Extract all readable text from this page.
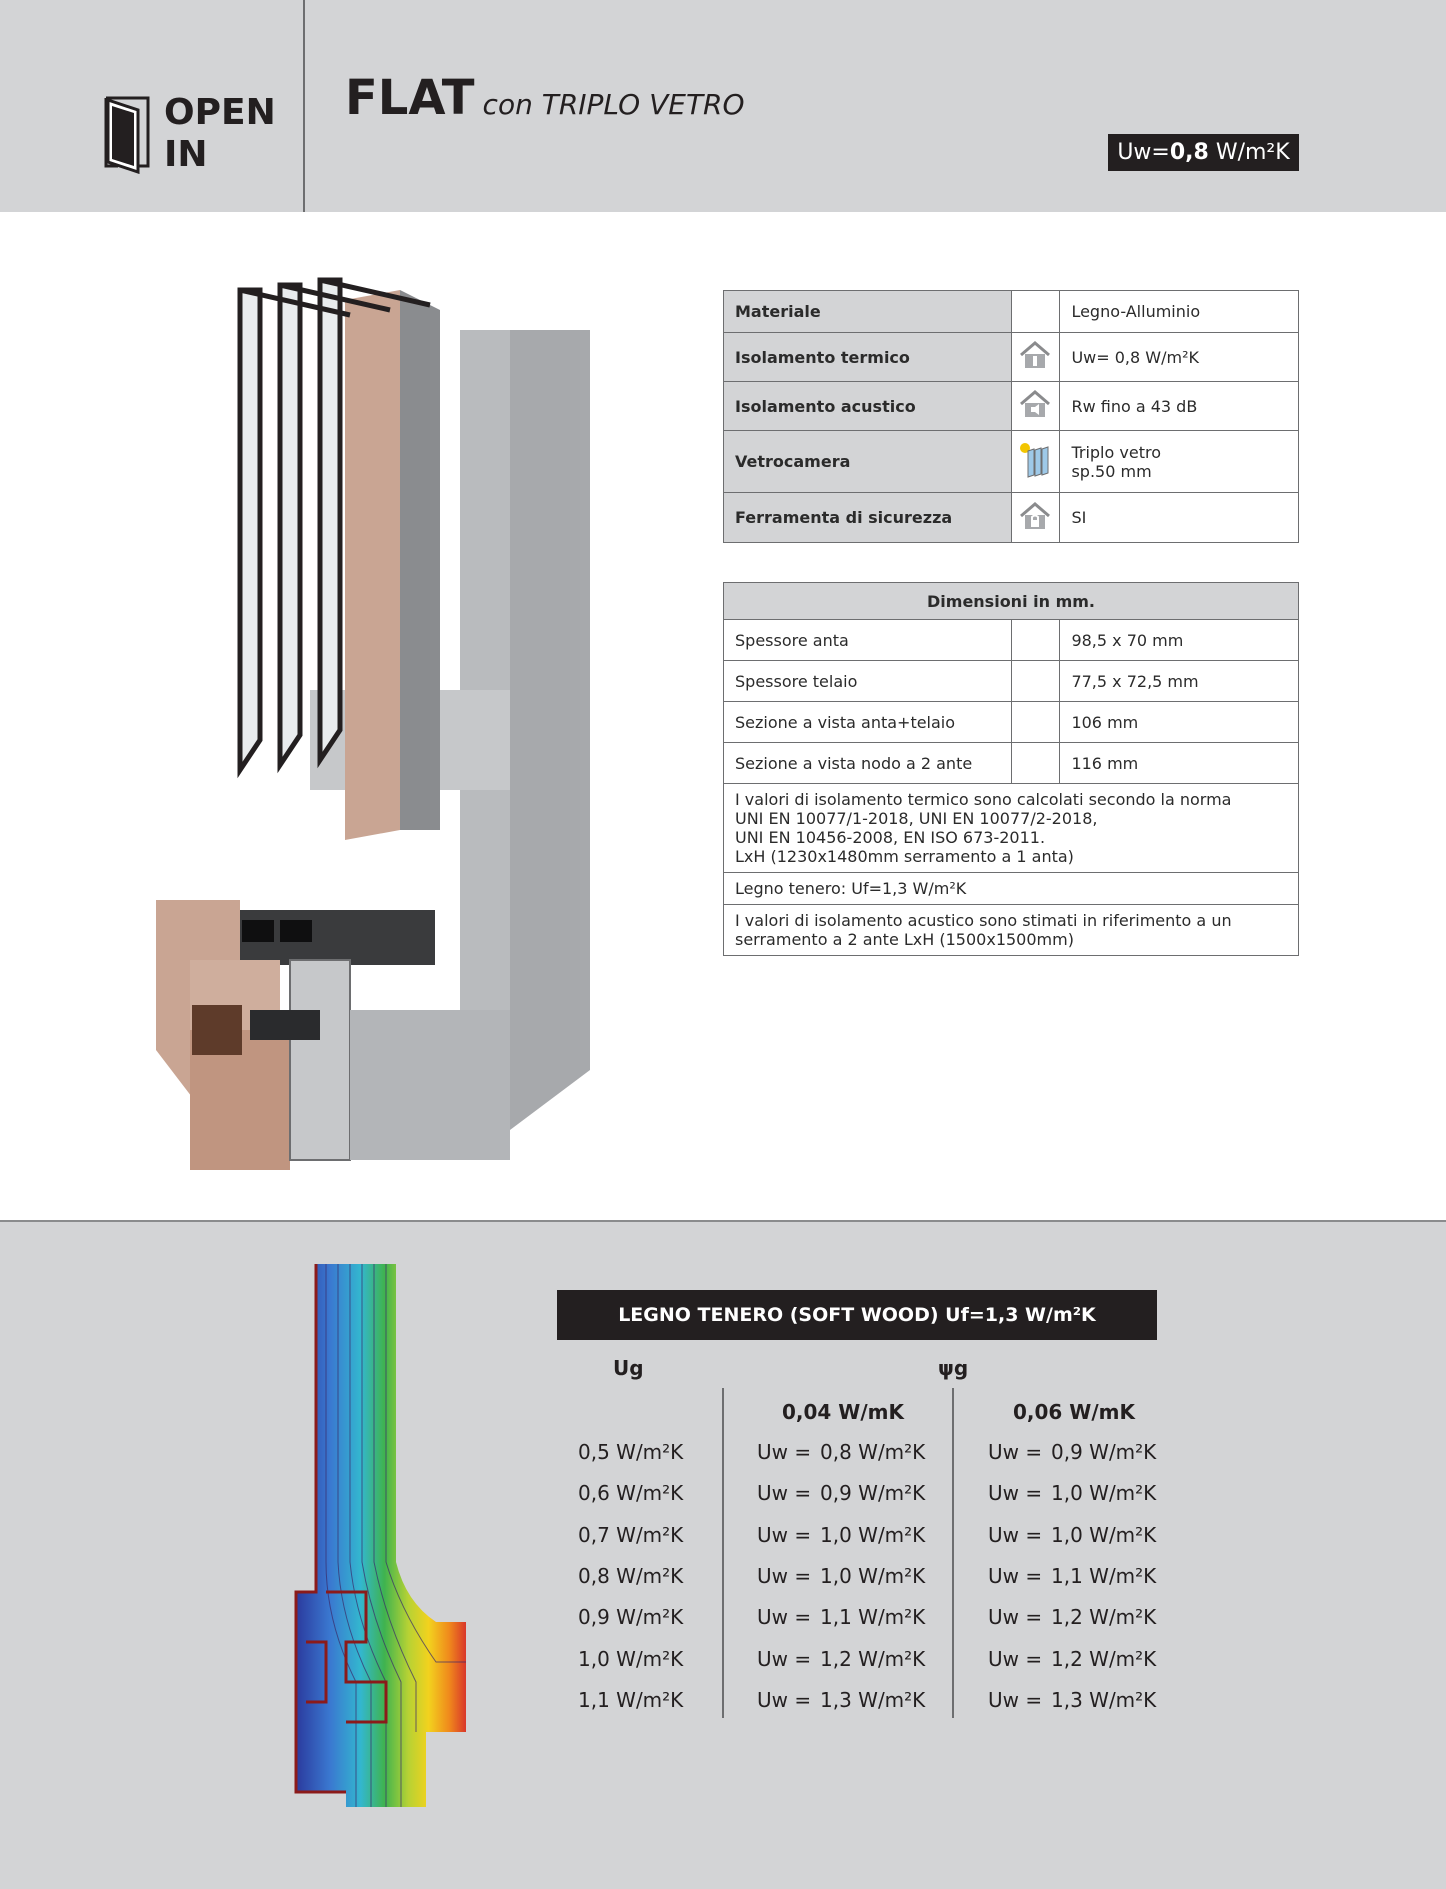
OPEN
IN
FLAT con TRIPLO VETRO
Uw=0,8 W/m²K
Materiale		Legno-Alluminio

Isolamento termico		Uw= 0,8 W/m²K

Isolamento acustico		Rw fino a 43 dB

Vetrocamera		Triplo vetro
sp.50 mm

Ferramenta di sicurezza		SI
Dimensioni in mm.		
Spessore anta		98,5 x 70 mm
Spessore telaio		77,5 x 72,5 mm
Sezione a vista anta+telaio		106 mm
Sezione a vista nodo a 2 ante		116 mm

I valori di isolamento termico sono calcolati secondo la norma
UNI EN 10077/1-2018, UNI EN 10077/2-2018,
UNI EN 10456-2008, EN ISO 673-2011.
LxH (1230x1480mm serramento a 1 anta)		

Legno tenero: Uf=1,3 W/m²K		

I valori di isolamento acustico sono stimati in riferimento a un
serramento a 2 ante LxH (1500x1500mm)		
LEGNO TENERO (SOFT WOOD) Uf=1,3 W/m²K
Ug	ψg
0,04 W/mK	0,06 W/mK
0,5 W/m²K	Uw = 0,8 W/m²K	Uw = 0,9 W/m²K
0,6 W/m²K	Uw = 0,9 W/m²K	Uw = 1,0 W/m²K
0,7 W/m²K	Uw = 1,0 W/m²K	Uw = 1,0 W/m²K
0,8 W/m²K	Uw = 1,0 W/m²K	Uw = 1,1 W/m²K
0,9 W/m²K	Uw = 1,1 W/m²K	Uw = 1,2 W/m²K
1,0 W/m²K	Uw = 1,2 W/m²K	Uw = 1,2 W/m²K
1,1 W/m²K	Uw = 1,3 W/m²K	Uw = 1,3 W/m²K
